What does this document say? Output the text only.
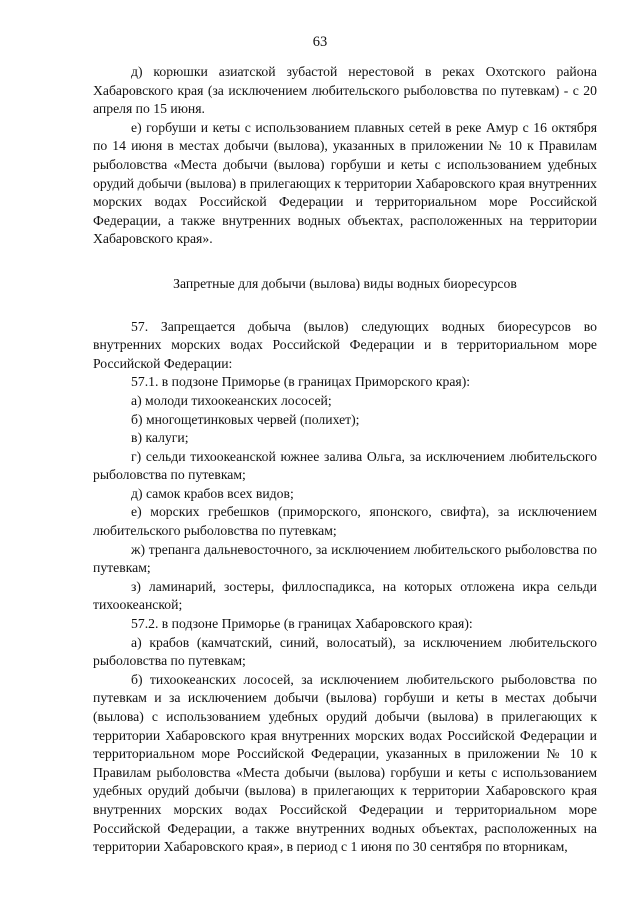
63

д) корюшки азиатской зубастой нерестовой в реках Охотского района Хабаровского края (за исключением любительского рыболовства по путевкам) - с 20 апреля по 15 июня.

е) горбуши и кеты с использованием плавных сетей в реке Амур с 16 октября по 14 июня в местах добычи (вылова), указанных в приложении № 10 к Правилам рыболовства «Места добычи (вылова) горбуши и кеты с использованием удебных орудий добычи (вылова) в прилегающих к территории Хабаровского края внутренних морских водах Российской Федерации и территориальном море Российской Федерации, а также внутренних водных объектах, расположенных на территории Хабаровского края».

Запретные для добычи (вылова) виды водных биоресурсов

57. Запрещается добыча (вылов) следующих водных биоресурсов во внутренних морских водах Российской Федерации и в территориальном море Российской Федерации:

57.1. в подзоне Приморье (в границах Приморского края):

а) молоди тихоокеанских лососей;

б) многощетинковых червей (полихет);

в) калуги;

г) сельди тихоокеанской южнее залива Ольга, за исключением любительского рыболовства по путевкам;

д) самок крабов всех видов;

е) морских гребешков (приморского, японского, свифта), за исключением любительского рыболовства по путевкам;

ж) трепанга дальневосточного, за исключением любительского рыболовства по путевкам;

з) ламинарий, зостеры, филлоспадикса, на которых отложена икра сельди тихоокеанской;

57.2. в подзоне Приморье (в границах Хабаровского края):

а) крабов (камчатский, синий, волосатый), за исключением любительского рыболовства по путевкам;

б) тихоокеанских лососей, за исключением любительского рыболовства по путевкам и за исключением добычи (вылова) горбуши и кеты в местах добычи (вылова) с использованием удебных орудий добычи (вылова) в прилегающих к территории Хабаровского края внутренних морских водах Российской Федерации и территориальном море Российской Федерации, указанных в приложении № 10 к Правилам рыболовства «Места добычи (вылова) горбуши и кеты с использованием удебных орудий добычи (вылова) в прилегающих к территории Хабаровского края внутренних морских водах Российской Федерации и территориальном море Российской Федерации, а также внутренних водных объектах, расположенных на территории Хабаровского края», в период с 1 июня по 30 сентября по вторникам,
